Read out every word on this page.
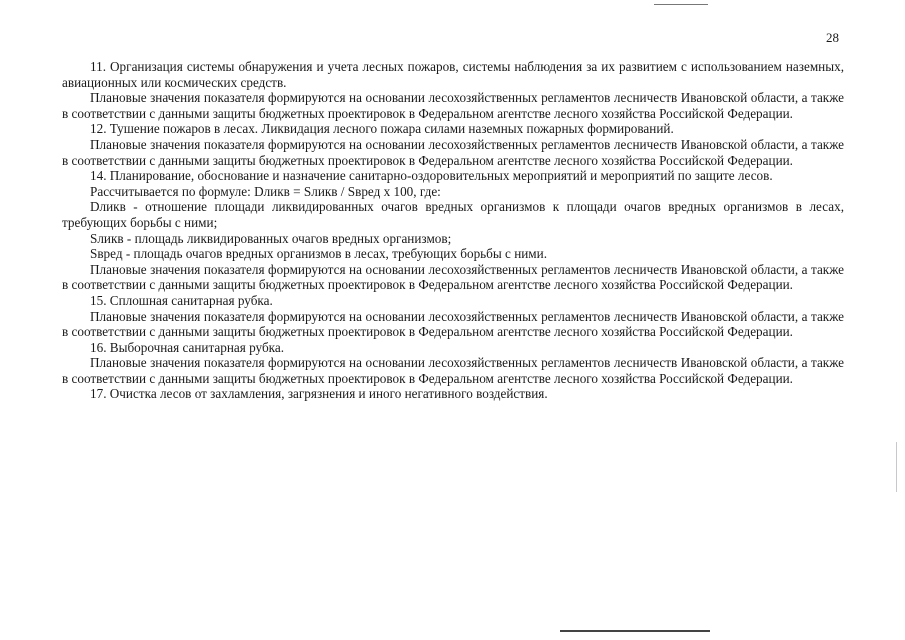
28

11. Организация системы обнаружения и учета лесных пожаров, системы наблюдения за их развитием с использованием наземных, авиационных или космических средств.

Плановые значения показателя формируются на основании лесохозяйственных регламентов лесничеств Ивановской области, а также в соответствии с данными защиты бюджетных проектировок в Федеральном агентстве лесного хозяйства Российской Федерации.

12. Тушение пожаров в лесах. Ликвидация лесного пожара силами наземных пожарных формирований.

Плановые значения показателя формируются на основании лесохозяйственных регламентов лесничеств Ивановской области, а также в соответствии с данными защиты бюджетных проектировок в Федеральном агентстве лесного хозяйства Российской Федерации.

14. Планирование, обоснование и назначение санитарно-оздоровительных мероприятий и мероприятий по защите лесов.

Рассчитывается по формуле: Dликв = Sликв / Sвред x 100, где:

Dликв - отношение площади ликвидированных очагов вредных организмов к площади очагов вредных организмов в лесах, требующих борьбы с ними;

Sликв - площадь ликвидированных очагов вредных организмов;

Sвред - площадь очагов вредных организмов в лесах, требующих борьбы с ними.

Плановые значения показателя формируются на основании лесохозяйственных регламентов лесничеств Ивановской области, а также в соответствии с данными защиты бюджетных проектировок в Федеральном агентстве лесного хозяйства Российской Федерации.

15. Сплошная санитарная рубка.

Плановые значения показателя формируются на основании лесохозяйственных регламентов лесничеств Ивановской области, а также в соответствии с данными защиты бюджетных проектировок в Федеральном агентстве лесного хозяйства Российской Федерации.

16. Выборочная санитарная рубка.

Плановые значения показателя формируются на основании лесохозяйственных регламентов лесничеств Ивановской области, а также в соответствии с данными защиты бюджетных проектировок в Федеральном агентстве лесного хозяйства Российской Федерации.

17. Очистка лесов от захламления, загрязнения и иного негативного воздействия.
